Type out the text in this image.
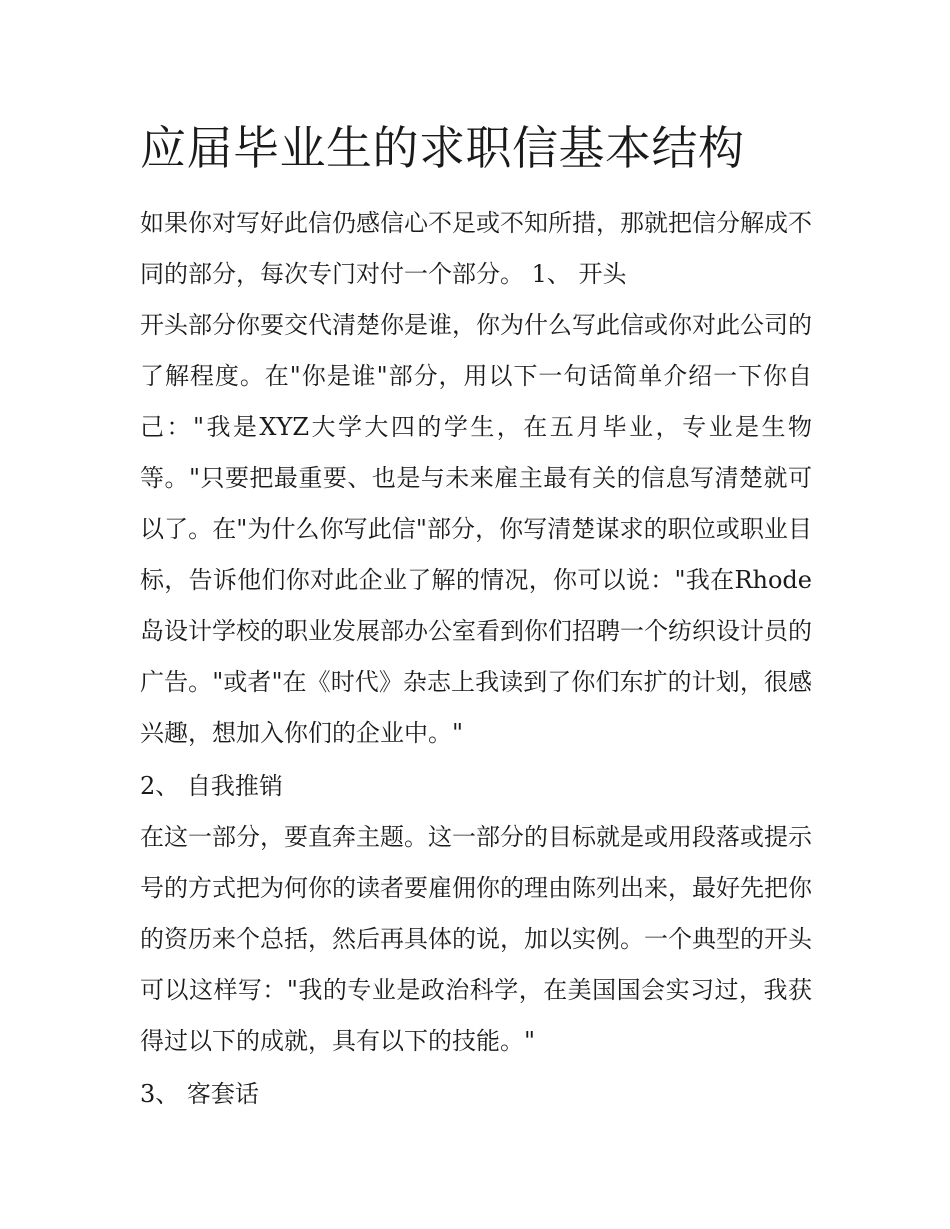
应届毕业生的求职信基本结构

如果你对写好此信仍感信心不足或不知所措，那就把信分解成不同的部分，每次专门对付一个部分。 1、 开头

开头部分你要交代清楚你是谁，你为什么写此信或你对此公司的了解程度。在"你是谁"部分，用以下一句话简单介绍一下你自己："我是XYZ大学大四的学生，在五月毕业，专业是生物等。"只要把最重要、也是与未来雇主最有关的信息写清楚就可以了。在"为什么你写此信"部分，你写清楚谋求的职位或职业目标，告诉他们你对此企业了解的情况，你可以说："我在Rhode岛设计学校的职业发展部办公室看到你们招聘一个纺织设计员的广告。"或者"在《时代》杂志上我读到了你们东扩的计划，很感兴趣，想加入你们的企业中。"

2、 自我推销

在这一部分，要直奔主题。这一部分的目标就是或用段落或提示号的方式把为何你的读者要雇佣你的理由陈列出来，最好先把你的资历来个总括，然后再具体的说，加以实例。一个典型的开头可以这样写："我的专业是政治科学，在美国国会实习过，我获得过以下的成就，具有以下的技能。"

3、 客套话
